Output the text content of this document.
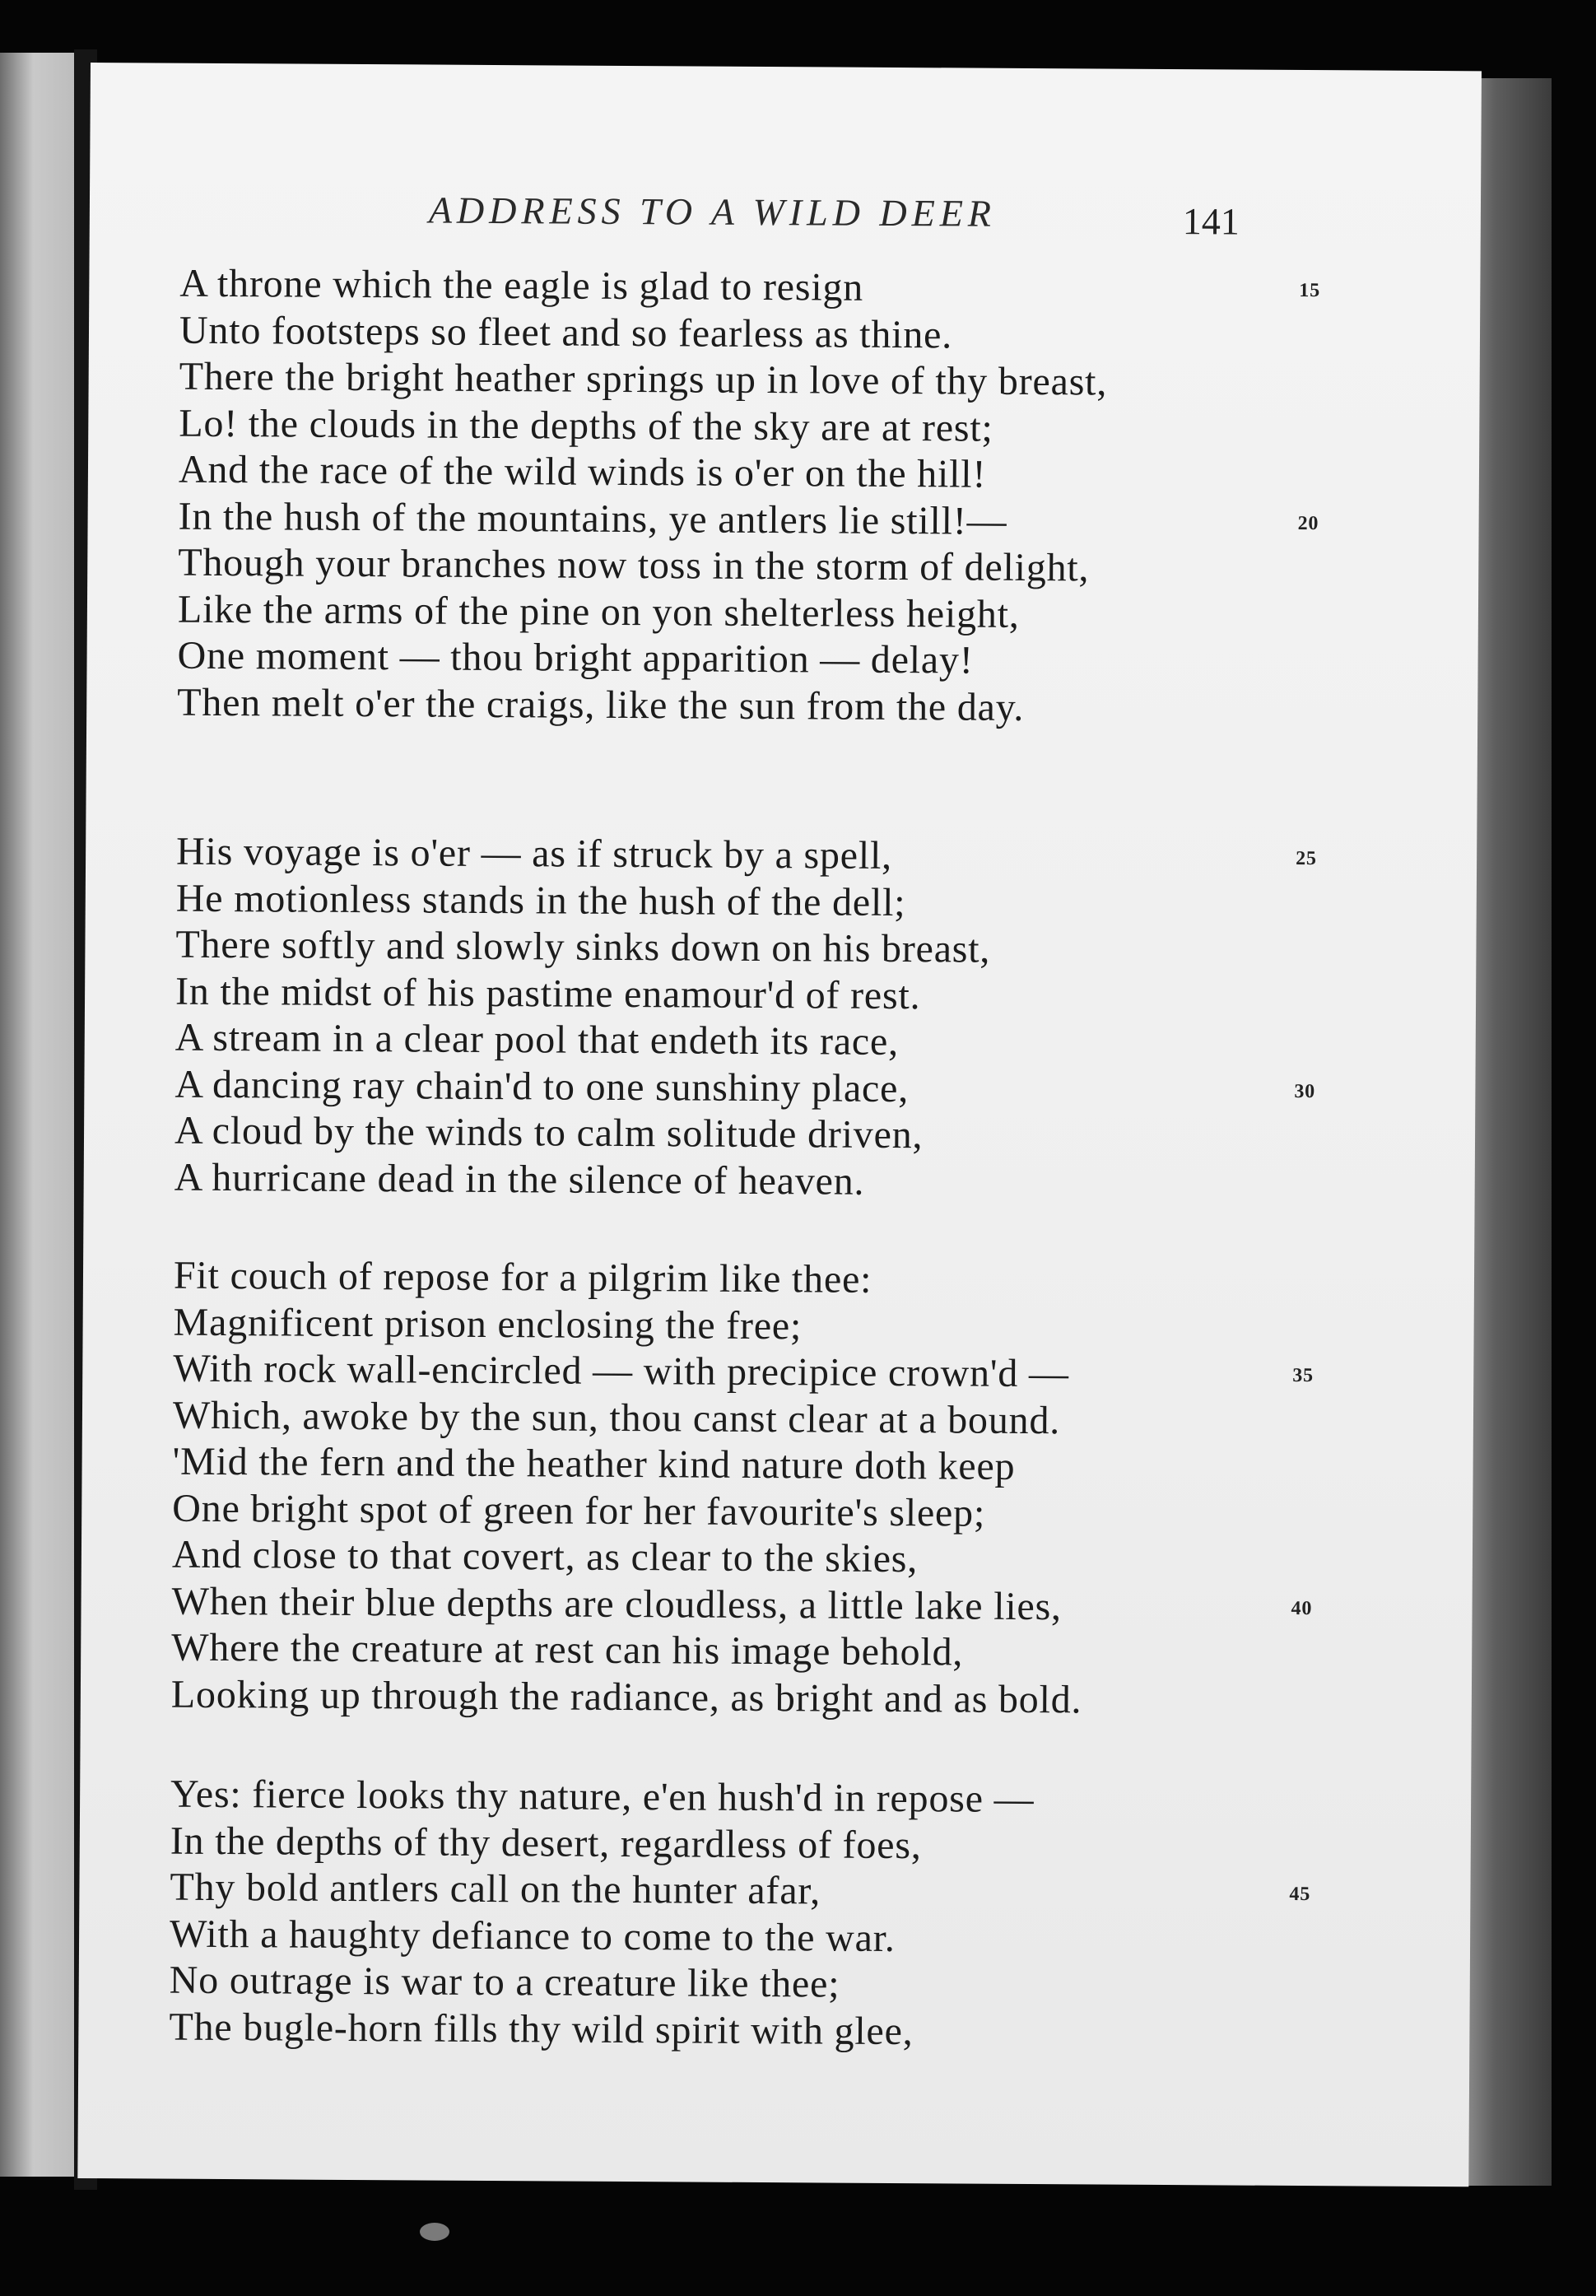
ADDRESS TO A WILD DEER	141
A throne which the eagle is glad to resign	15
Unto footsteps so fleet and so fearless as thine.
There the bright heather springs up in love of thy breast,
Lo! the clouds in the depths of the sky are at rest;
And the race of the wild winds is o'er on the hill!
In the hush of the mountains, ye antlers lie still!—	20
Though your branches now toss in the storm of delight,
Like the arms of the pine on yon shelterless height,
One moment — thou bright apparition — delay!
Then melt o'er the craigs, like the sun from the day.
His voyage is o'er — as if struck by a spell,	25
He motionless stands in the hush of the dell;
There softly and slowly sinks down on his breast,
In the midst of his pastime enamour'd of rest.
A stream in a clear pool that endeth its race,
A dancing ray chain'd to one sunshiny place,	30
A cloud by the winds to calm solitude driven,
A hurricane dead in the silence of heaven.
Fit couch of repose for a pilgrim like thee:
Magnificent prison enclosing the free;
With rock wall-encircled — with precipice crown'd —	35
Which, awoke by the sun, thou canst clear at a bound.
'Mid the fern and the heather kind nature doth keep
One bright spot of green for her favourite's sleep;
And close to that covert, as clear to the skies,
When their blue depths are cloudless, a little lake lies,	40
Where the creature at rest can his image behold,
Looking up through the radiance, as bright and as bold.
Yes: fierce looks thy nature, e'en hush'd in repose —
In the depths of thy desert, regardless of foes,
Thy bold antlers call on the hunter afar,	45
With a haughty defiance to come to the war.
No outrage is war to a creature like thee;
The bugle-horn fills thy wild spirit with glee,
